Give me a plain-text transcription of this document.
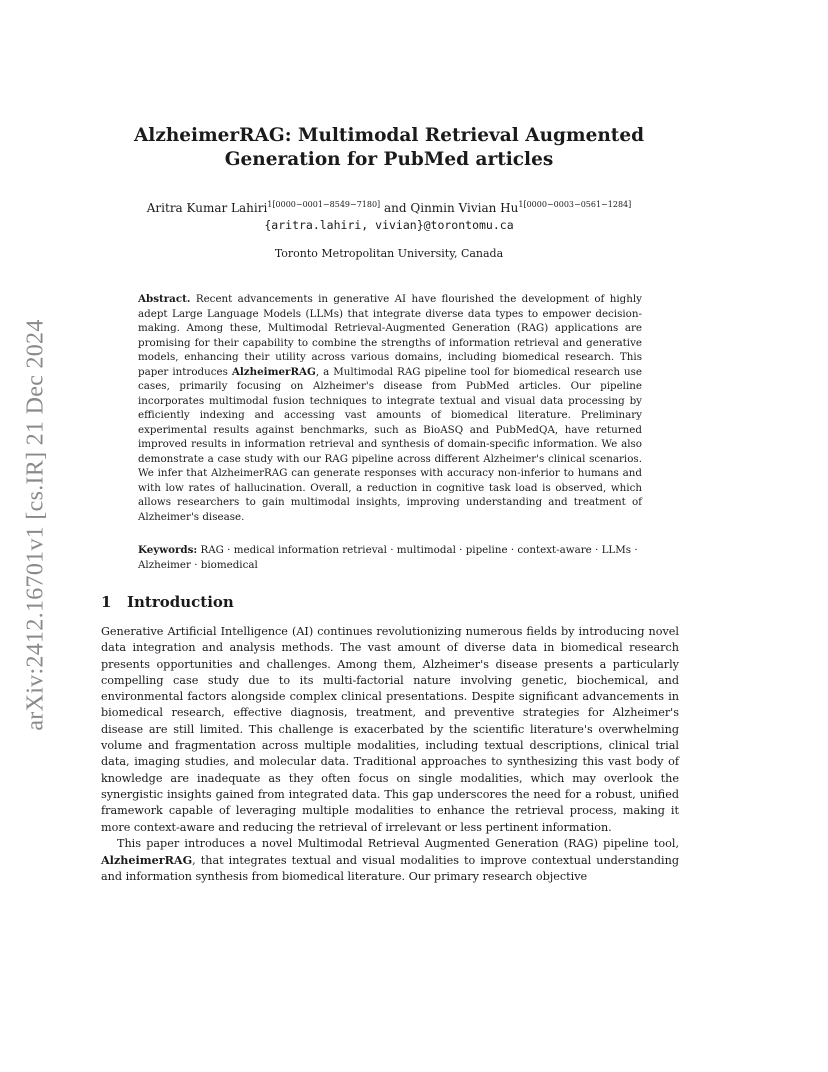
arXiv:2412.16701v1 [cs.IR] 21 Dec 2024
AlzheimerRAG: Multimodal Retrieval Augmented
Generation for PubMed articles
Aritra Kumar Lahiri$^{1[0000-0001-8549-7180]}$ and Qinmin Vivian $Hu^{1[0000-0003-0561-1284]}$
{aritra.lahiri, vivian}@torontomu.ca
Toronto Metropolitan University, Canada
Abstract. Recent advancements in generative AI have flourished the development of highly adept Large Language Models (LLMs) that integrate diverse data types to empower decision-making. Among these, Multimodal Retrieval-Augmented Generation (RAG) applications are promising for their capability to combine the strengths of information retrieval and generative models, enhancing their utility across various domains, including biomedical research. This paper introduces AlzheimerRAG, a Multimodal RAG pipeline tool for biomedical research use cases, primarily focusing on Alzheimer's disease from PubMed articles. Our pipeline incorporates multimodal fusion techniques to integrate textual and visual data processing by efficiently indexing and accessing vast amounts of biomedical literature. Preliminary experimental results against benchmarks, such as BioASQ and PubMedQA, have returned improved results in information retrieval and synthesis of domain-specific information. We also demonstrate a case study with our RAG pipeline across different Alzheimer's clinical scenarios. We infer that AlzheimerRAG can generate responses with accuracy non-inferior to humans and with low rates of hallucination. Overall, a reduction in cognitive task load is observed, which allows researchers to gain multimodal insights, improving understanding and treatment of Alzheimer's disease.
Keywords: RAG · medical information retrieval · multimodal · pipeline · context-aware · LLMs · Alzheimer · biomedical
1 Introduction

Generative Artificial Intelligence (AI) continues revolutionizing numerous fields by introducing novel data integration and analysis methods. The vast amount of diverse data in biomedical research presents opportunities and challenges. Among them, Alzheimer's disease presents a particularly compelling case study due to its multi-factorial nature involving genetic, biochemical, and environmental factors alongside complex clinical presentations. Despite significant advancements in biomedical research, effective diagnosis, treatment, and preventive strategies for Alzheimer's disease are still limited. This challenge is exacerbated by the scientific literature's overwhelming volume and fragmentation across multiple modalities, including textual descriptions, clinical trial data, imaging studies, and molecular data. Traditional approaches to synthesizing this vast body of knowledge are inadequate as they often focus on single modalities, which may overlook the synergistic insights gained from integrated data. This gap underscores the need for a robust, unified framework capable of leveraging multiple modalities to enhance the retrieval process, making it more context-aware and reducing the retrieval of irrelevant or less pertinent information.

This paper introduces a novel Multimodal Retrieval Augmented Generation (RAG) pipeline tool, AlzheimerRAG, that integrates textual and visual modalities to improve contextual understanding and information synthesis from biomedical literature. Our primary research objective
